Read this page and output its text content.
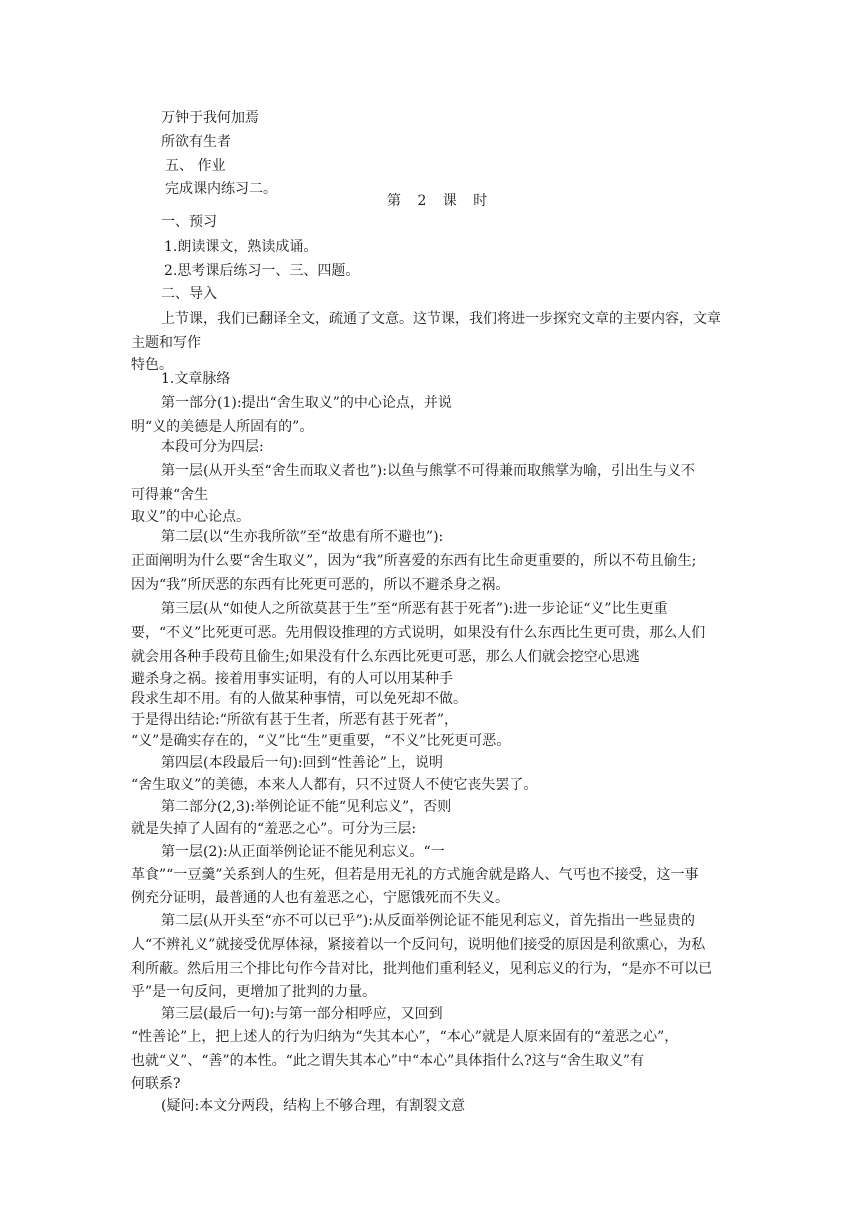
万钟于我何加焉
所欲有生者
五、 作业
完成课内练习二。
第 2 课 时
一、预习
1.朗读课文，熟读成诵。
2.思考课后练习一、三、四题。
二、导入
上节课，我们已翻译全文，疏通了文意。这节课，我们将进一步探究文章的主要内容，文章
主题和写作
特色。
1.文章脉络
第一部分(1):提出“舍生取义”的中心论点，并说
明“义的美德是人所固有的”。
本段可分为四层:
第一层(从开头至“舍生而取义者也”):以鱼与熊掌不可得兼而取熊掌为喻，引出生与义不
可得兼“舍生
取义”的中心论点。
第二层(以“生亦我所欲”至“故患有所不避也”):
正面阐明为什么要“舍生取义”，因为“我”所喜爱的东西有比生命更重要的，所以不苟且偷生;
因为“我”所厌恶的东西有比死更可恶的，所以不避杀身之祸。
第三层(从“如使人之所欲莫甚于生”至“所恶有甚于死者”):进一步论证“义”比生更重
要，“不义”比死更可恶。先用假设推理的方式说明，如果没有什么东西比生更可贵，那么人们
就会用各种手段苟且偷生;如果没有什么东西比死更可恶，那么人们就会挖空心思逃
避杀身之祸。接着用事实证明，有的人可以用某种手
段求生却不用。有的人做某种事情，可以免死却不做。
于是得出结论:“所欲有甚于生者，所恶有甚于死者”，
“义”是确实存在的，“义”比“生”更重要，“不义”比死更可恶。
第四层(本段最后一句):回到“性善论”上，说明
“舍生取义”的美德，本来人人都有，只不过贤人不使它丧失罢了。
第二部分(2,3):举例论证不能“见利忘义”，否则
就是失掉了人固有的“羞恶之心”。可分为三层:
第一层(2):从正面举例论证不能见利忘义。“一
革食”“一豆羹”关系到人的生死，但若是用无礼的方式施舍就是路人、气丐也不接受，这一事
例充分证明，最普通的人也有羞恶之心，宁愿饿死而不失义。
第二层(从开头至“亦不可以已乎”):从反面举例论证不能见利忘义，首先指出一些显贵的
人“不辨礼义”就接受优厚体禄，紧接着以一个反问句，说明他们接受的原因是利欲熏心，为私
利所蔽。然后用三个排比句作今昔对比，批判他们重利轻义，见利忘义的行为，“是亦不可以已
乎”是一句反问，更增加了批判的力量。
第三层(最后一句):与第一部分相呼应，又回到
“性善论”上，把上述人的行为归纳为“失其本心”，“本心”就是人原来固有的“羞恶之心”，
也就“义”、“善”的本性。“此之谓失其本心”中“本心”具体指什么?这与“舍生取义”有
何联系?
(疑问:本文分两段，结构上不够合理，有割裂文意
